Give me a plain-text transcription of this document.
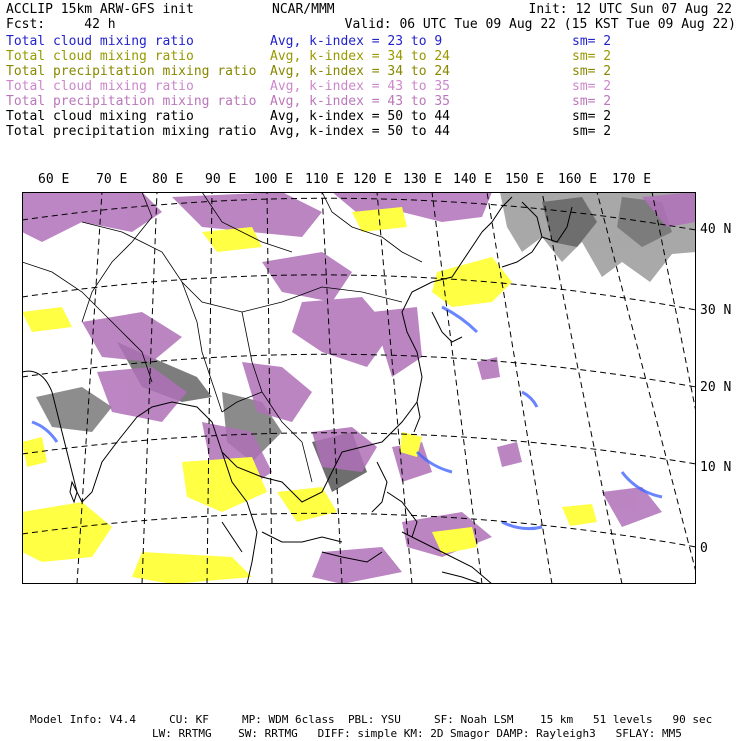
ACCLIP 15km ARW-GFS init	NCAR/MMM	Init: 12 UTC Sun 07 Aug 22
Fcst:	42 h	Valid: 06 UTC Tue 09 Aug 22 (15 KST Tue 09 Aug 22)
Total cloud mixing ratio	Avg, k-index = 23 to 9	sm= 2
Total cloud mixing ratio	Avg, k-index = 34 to 24	sm= 2
Total precipitation mixing ratio Avg, k-index = 34 to 24	sm= 2
Total cloud mixing ratio	Avg, k-index = 43 to 35	sm= 2
Total precipitation mixing ratio Avg, k-index = 43 to 35	sm= 2
Total cloud mixing ratio	Avg, k-index = 50 to 44	sm= 2
Total precipitation mixing ratio Avg, k-index = 50 to 44	sm= 2
60 E 70 E 80 E 90 E 100 E 110 E 120 E 130 E 140 E 150 E 160 E 170 E
40 N
30 N
20 N
10 N
0
Model Info: V4.4	CU: KF	MP: WDM 6class PBL: YSU	SF: Noah LSM 15 km 51 levels 90 sec
LW: RRTMG SW: RRTMG DIFF: simple KM: 2D Smagor DAMP: Rayleigh3 SFLAY: MM5
